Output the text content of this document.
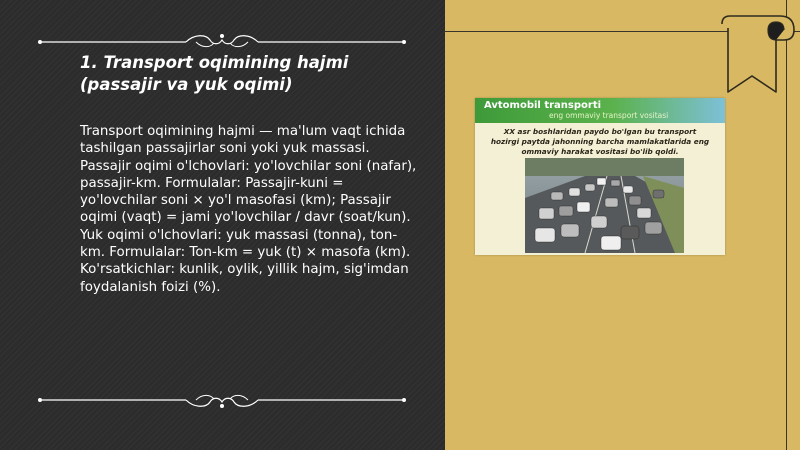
1. Transport oqimining hajmi (passajir va yuk oqimi)
Transport oqimining hajmi — ma'lum vaqt ichida tashilgan passajirlar soni yoki yuk massasi. Passajir oqimi o'lchovlari: yo'lovchilar soni (nafar), passajir-km. Formulalar: Passajir-kuni = yo'lovchilar soni × yo'l masofasi (km); Passajir oqimi (vaqt) = jami yo'lovchilar / davr (soat/kun). Yuk oqimi o'lchovlari: yuk massasi (tonna), ton-km. Formulalar: Ton-km = yuk (t) × masofa (km). Ko'rsatkichlar: kunlik, oylik, yillik hajm, sig'imdan foydalanish foizi (%).
Avtomobil transporti
eng ommaviy transport vositasi
XX asr boshlaridan paydo bo'lgan bu transport hozirgi paytda jahonning barcha mamlakatlarida eng ommaviy harakat vositasi bo'lib qoldi.
